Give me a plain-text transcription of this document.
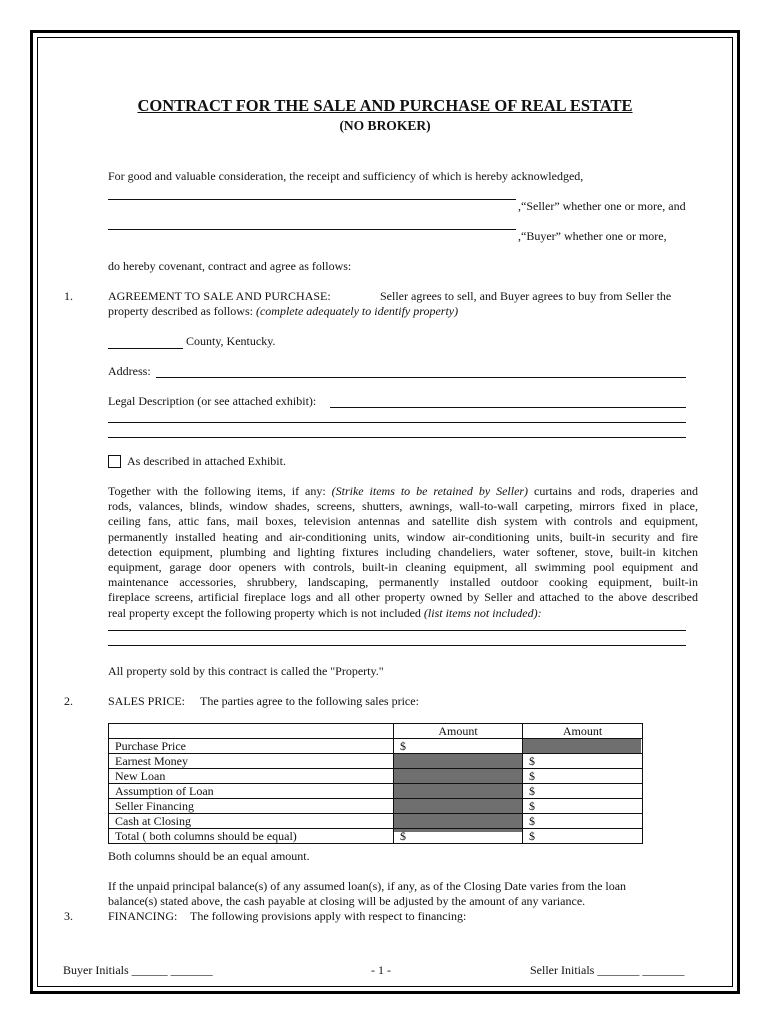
CONTRACT FOR THE SALE AND PURCHASE OF REAL ESTATE
(NO BROKER)
For good and valuable consideration, the receipt and sufficiency of which is hereby acknowledged,
,“Seller” whether one or more, and
,“Buyer” whether one or more,
do hereby covenant, contract and agree as follows:
1.	AGREEMENT TO SALE AND PURCHASE:	Seller agrees to sell, and Buyer agrees to buy from Seller the
property described as follows: (complete adequately to identify property)
County, Kentucky.
Address:
Legal Description (or see attached exhibit):
As described in attached Exhibit.
Together with the following items, if any: (Strike items to be retained by Seller) curtains and rods, draperies and
rods, valances, blinds, window shades, screens, shutters, awnings, wall-to-wall carpeting, mirrors fixed in place,
ceiling fans, attic fans, mail boxes, television antennas and satellite dish system with controls and equipment,
permanently installed heating and air-conditioning units, window air-conditioning units, built-in security and fire
detection equipment, plumbing and lighting fixtures including chandeliers, water softener, stove, built-in kitchen
equipment, garage door openers with controls, built-in cleaning equipment, all swimming pool equipment and
maintenance accessories, shrubbery, landscaping, permanently installed outdoor cooking equipment, built-in
fireplace screens, artificial fireplace logs and all other property owned by Seller and attached to the above described
real property except the following property which is not included (list items not included):
All property sold by this contract is called the "Property."
2.	SALES PRICE: The parties agree to the following sales price:
	Amount	Amount
Purchase Price	$	
Earnest Money		$
New Loan		$
Assumption of Loan		$
Seller Financing		$
Cash at Closing		$
Total ( both columns should be equal)	$	$
Both columns should be an equal amount.
If the unpaid principal balance(s) of any assumed loan(s), if any, as of the Closing Date varies from the loan
balance(s) stated above, the cash payable at closing will be adjusted by the amount of any variance.
3.	FINANCING: The following provisions apply with respect to financing:
Buyer Initials ______ _______	- 1 -	Seller Initials _______ _______
